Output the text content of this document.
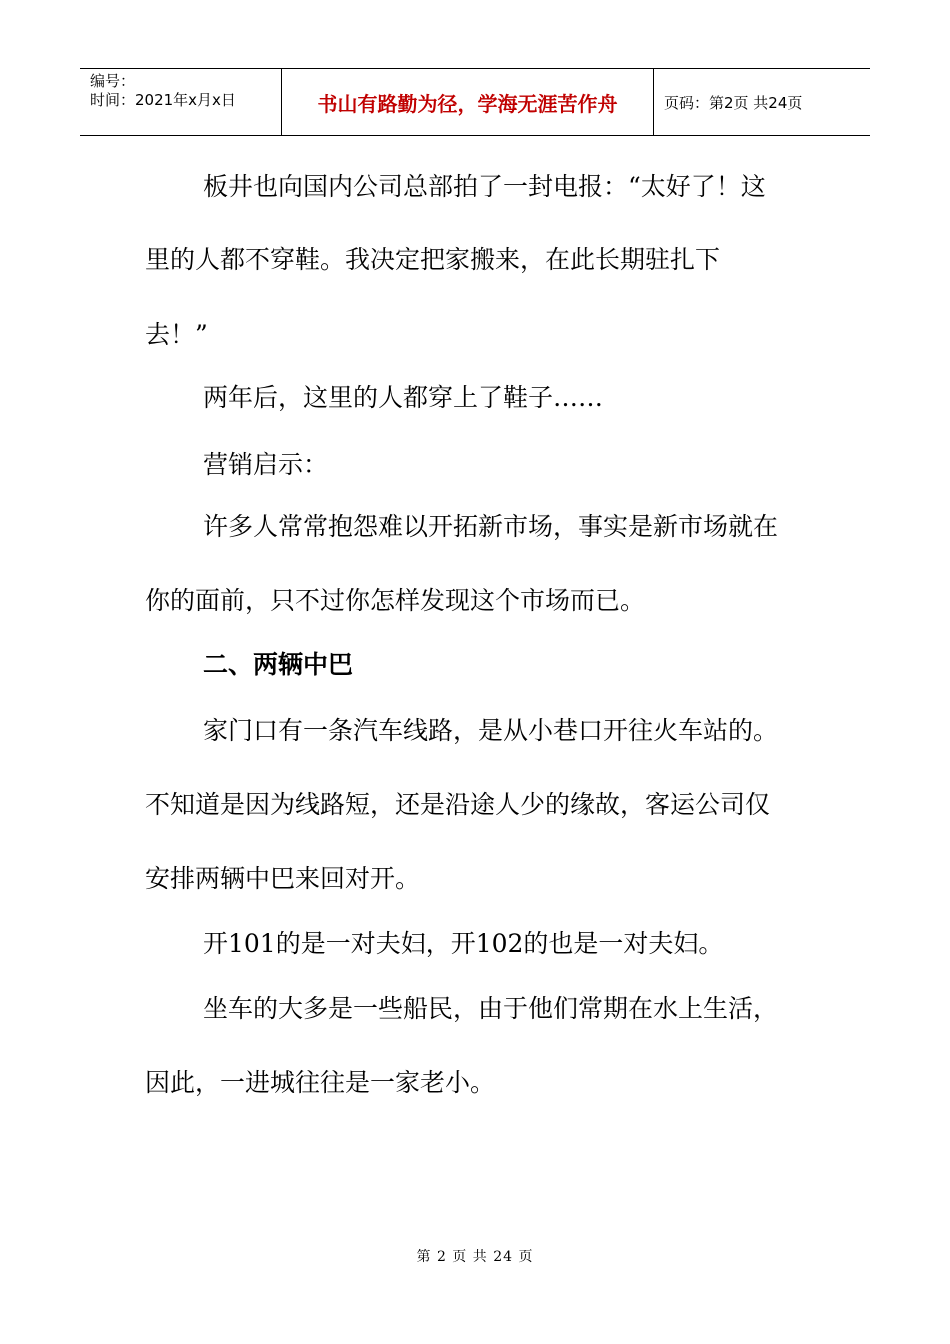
编号：
时间：2021年x月x日	书山有路勤为径，学海无涯苦作舟	页码：第2页 共24页
板井也向国内公司总部拍了一封电报：“太好了！这
里的人都不穿鞋。我决定把家搬来，在此长期驻扎下
去！”
两年后，这里的人都穿上了鞋子……
营销启示：
许多人常常抱怨难以开拓新市场，事实是新市场就在
你的面前，只不过你怎样发现这个市场而已。
二、两辆中巴
家门口有一条汽车线路，是从小巷口开往火车站的。
不知道是因为线路短，还是沿途人少的缘故，客运公司仅
安排两辆中巴来回对开。
开101的是一对夫妇，开102的也是一对夫妇。
坐车的大多是一些船民，由于他们常期在水上生活，
因此，一进城往往是一家老小。
第 2 页 共 24 页
